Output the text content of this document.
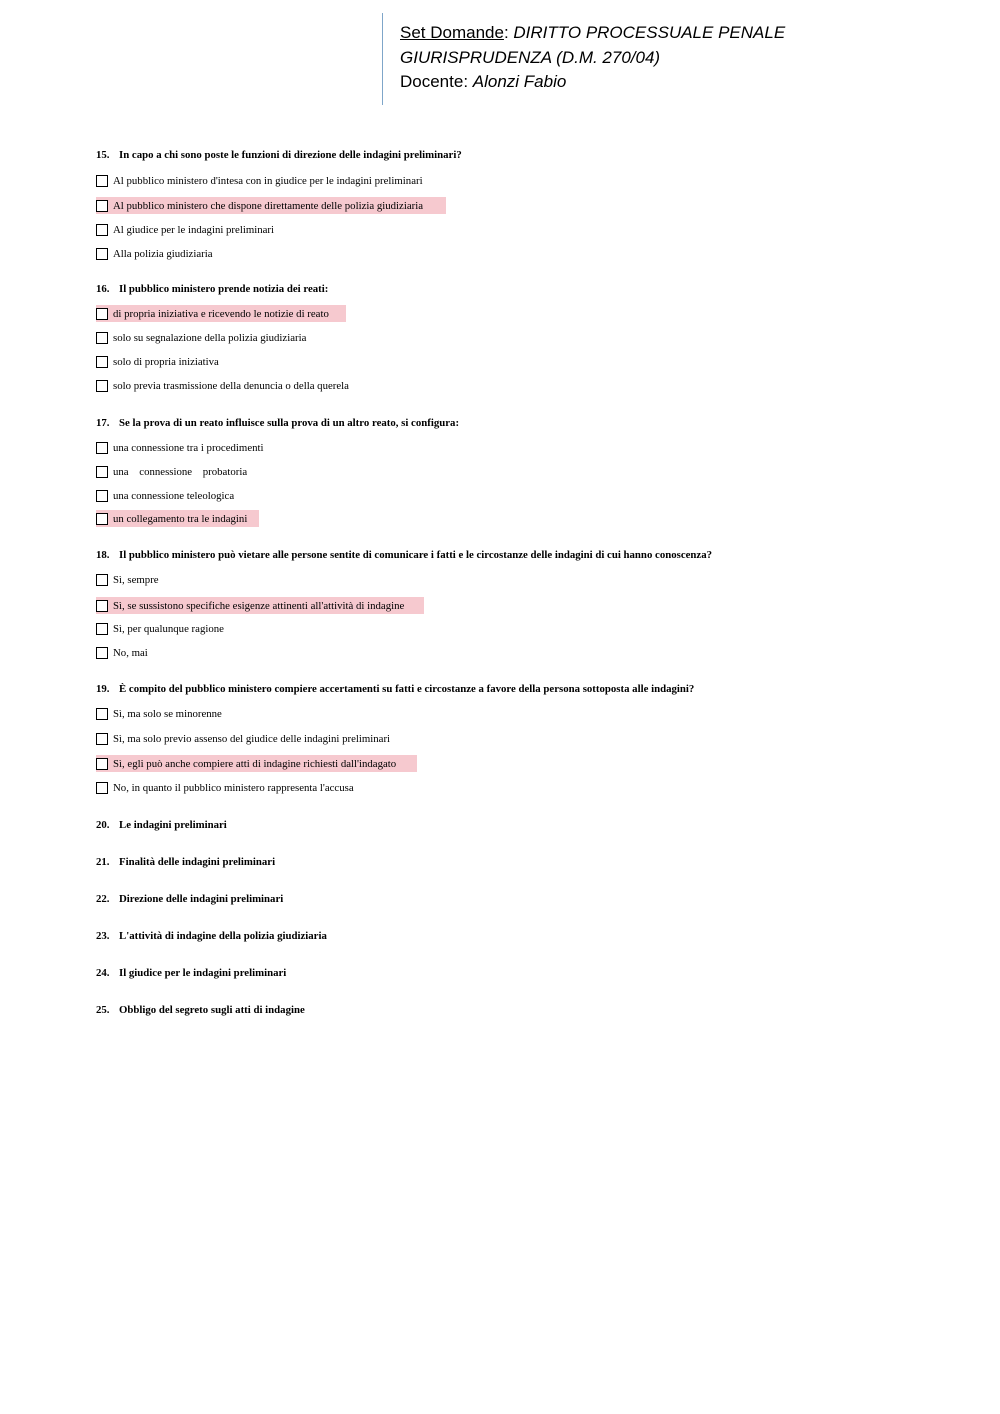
Set Domande: DIRITTO PROCESSUALE PENALE
GIURISPRUDENZA (D.M. 270/04)
Docente: Alonzi Fabio
15. In capo a chi sono poste le funzioni di direzione delle indagini preliminari?
Al pubblico ministero d'intesa con in giudice per le indagini preliminari
Al pubblico ministero che dispone direttamente delle polizia giudiziaria
Al giudice per le indagini preliminari
Alla polizia giudiziaria
16. Il pubblico ministero prende notizia dei reati:
di propria iniziativa e ricevendo le notizie di reato
solo su segnalazione della polizia giudiziaria
solo di propria iniziativa
solo previa trasmissione della denuncia o della querela
17. Se la prova di un reato influisce sulla prova di un altro reato, si configura:
una connessione tra i procedimenti
una connessione probatoria
una connessione teleologica
un collegamento tra le indagini
18. Il pubblico ministero può vietare alle persone sentite di comunicare i fatti e le circostanze delle indagini di cui hanno conoscenza?
Sì, sempre
Sì, se sussistono specifiche esigenze attinenti all'attività di indagine
Sì, per qualunque ragione
No, mai
19. È compito del pubblico ministero compiere accertamenti su fatti e circostanze a favore della persona sottoposta alle indagini?
Sì, ma solo se minorenne
Sì, ma solo previo assenso del giudice delle indagini preliminari
Sì, egli può anche compiere atti di indagine richiesti dall'indagato
No, in quanto il pubblico ministero rappresenta l'accusa
20. Le indagini preliminari
21. Finalità delle indagini preliminari
22. Direzione delle indagini preliminari
23. L'attività di indagine della polizia giudiziaria
24. Il giudice per le indagini preliminari
25. Obbligo del segreto sugli atti di indagine
